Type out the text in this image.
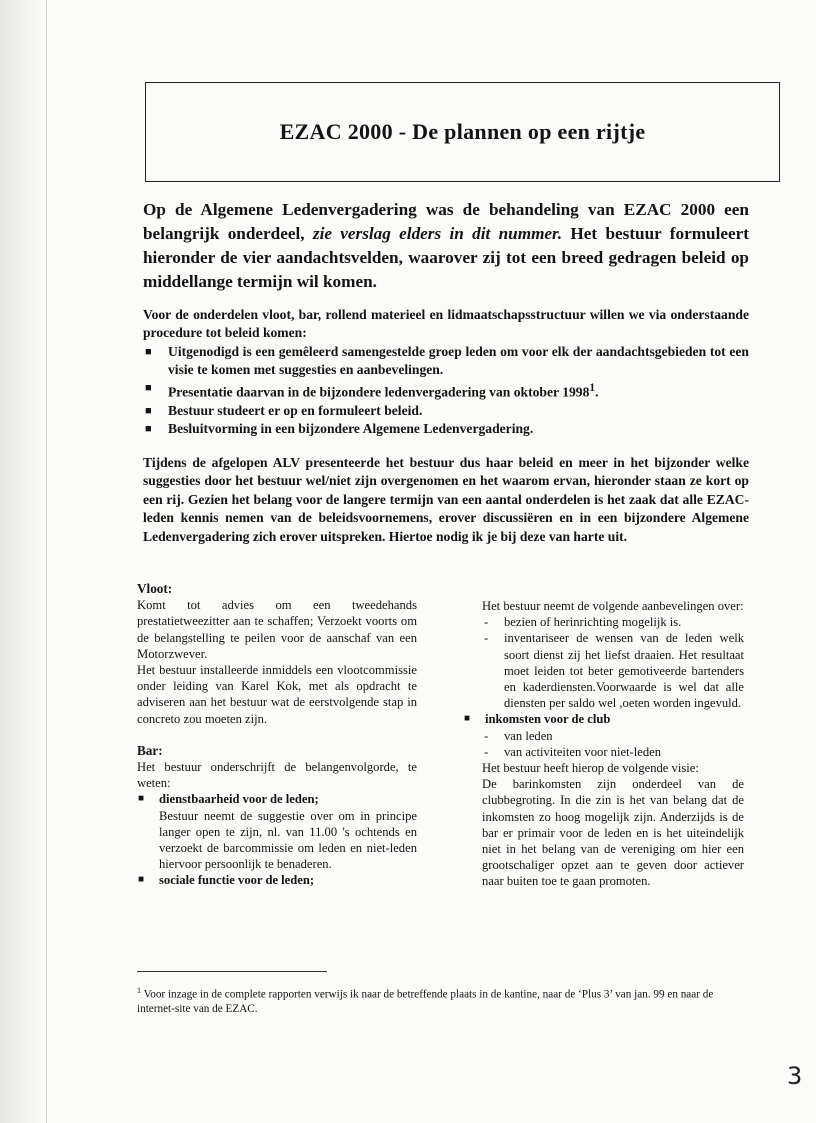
EZAC 2000 - De plannen op een rijtje

Op de Algemene Ledenvergadering was de behandeling van EZAC 2000 een belangrijk onderdeel, zie verslag elders in dit nummer. Het bestuur formuleert hieronder de vier aandachtsvelden, waarover zij tot een breed gedragen beleid op middellange termijn wil komen.

Voor de onderdelen vloot, bar, rollend materieel en lidmaatschapsstructuur willen we via onderstaande procedure tot beleid komen:

■ Uitgenodigd is een gemêleerd samengestelde groep leden om voor elk der aandachtsgebieden tot een visie te komen met suggesties en aanbevelingen.
■ Presentatie daarvan in de bijzondere ledenvergadering van oktober 1998$^1$.
■ Bestuur studeert er op en formuleert beleid.
■ Besluitvorming in een bijzondere Algemene Ledenvergadering.

Tijdens de afgelopen ALV presenteerde het bestuur dus haar beleid en meer in het bijzonder welke suggesties door het bestuur wel/niet zijn overgenomen en het waarom ervan, hieronder staan ze kort op een rij. Gezien het belang voor de langere termijn van een aantal onderdelen is het zaak dat alle EZAC-leden kennis nemen van de beleidsvoornemens, erover discussiëren en in een bijzondere Algemene Ledenvergadering zich erover uitspreken. Hiertoe nodig ik je bij deze van harte uit.

Vloot:

Komt tot advies om een tweedehands prestatietweezitter aan te schaffen; Verzoekt voorts om de belangstelling te peilen voor de aanschaf van een Motorzwever.

Het bestuur installeerde inmiddels een vlootcommissie onder leiding van Karel Kok, met als opdracht te adviseren aan het bestuur wat de eerstvolgende stap in concreto zou moeten zijn.

Bar:

Het bestuur onderschrijft de belangenvolgorde, te weten:

■ dienstbaarheid voor de leden;

Bestuur neemt de suggestie over om in principe langer open te zijn, nl. van 11.00 's ochtends en verzoekt de barcommissie om leden en niet-leden hiervoor persoonlijk te benaderen.

■ sociale functie voor de leden;

Het bestuur neemt de volgende aanbevelingen over:

- bezien of herinrichting mogelijk is.
- inventariseer de wensen van de leden welk soort dienst zij het liefst draaien. Het resultaat moet leiden tot beter gemotiveerde bartenders en kaderdiensten.Voorwaarde is wel dat alle diensten per saldo wel ,oeten worden ingevuld.
■ inkomsten voor de club

- van leden
- van activiteiten voor niet-leden

Het bestuur heeft hierop de volgende visie:

De barinkomsten zijn onderdeel van de clubbegroting. In die zin is het van belang dat de inkomsten zo hoog mogelijk zijn. Anderzijds is de bar er primair voor de leden en is het uiteindelijk niet in het belang van de vereniging om hier een grootschaliger opzet aan te geven door actiever naar buiten toe te gaan promoten.

$^1$ Voor inzage in de complete rapporten verwijs ik naar de betreffende plaats in de kantine, naar de ‘Plus 3’ van jan. 99 en naar de internet-site van de EZAC.

3
